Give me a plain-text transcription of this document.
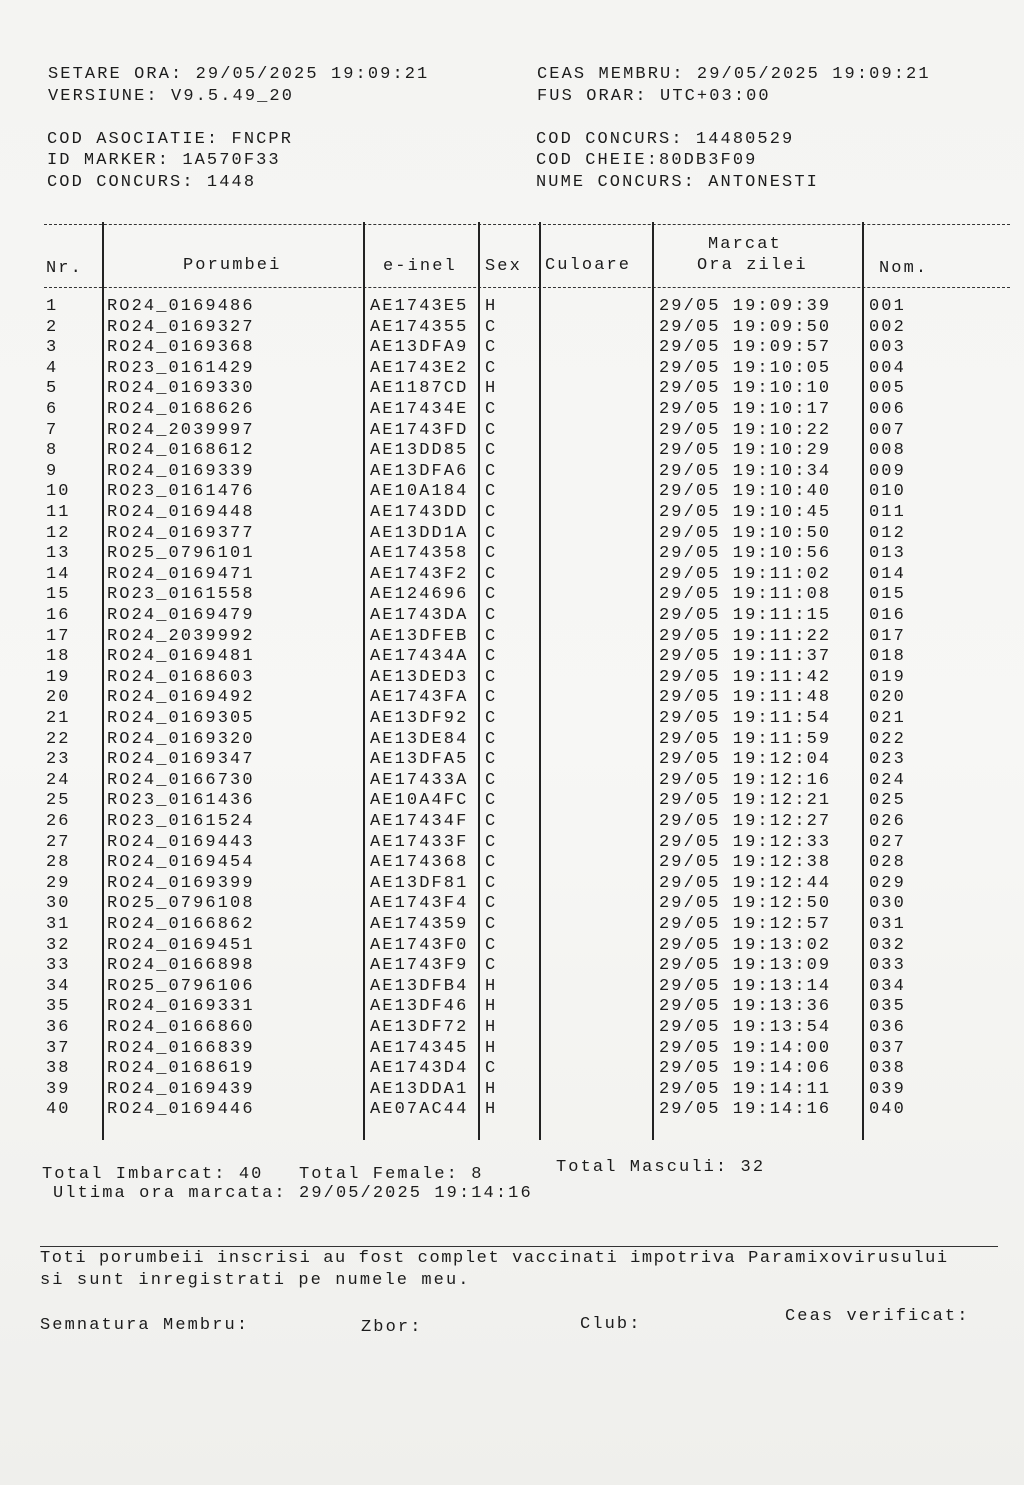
SETARE ORA: 29/05/2025 19:09:21
VERSIUNE: V9.5.49_20
CEAS MEMBRU: 29/05/2025 19:09:21
FUS ORAR: UTC+03:00
COD ASOCIATIE: FNCPR
ID MARKER: 1A570F33
COD CONCURS: 1448
COD CONCURS: 14480529
COD CHEIE:80DB3F09
NUME CONCURS: ANTONESTI
Nr.	Porumbei	e-inel Sex Culoare
Marcat
Ora zilei	Nom.
1	RO24_0169486	AE1743E5 H	29/05 19:09:39 001
2	RO24_0169327	AE174355 C	29/05 19:09:50 002
3	RO24_0169368	AE13DFA9 C	29/05 19:09:57 003
4	RO23_0161429	AE1743E2 C	29/05 19:10:05 004
5	RO24_0169330	AE1187CD H	29/05 19:10:10 005
6	RO24_0168626	AE17434E C	29/05 19:10:17 006
7	RO24_2039997	AE1743FD C	29/05 19:10:22 007
8	RO24_0168612	AE13DD85 C	29/05 19:10:29 008
9	RO24_0169339	AE13DFA6 C	29/05 19:10:34 009
10 RO23_0161476	AE10A184 C	29/05 19:10:40 010
11 RO24_0169448	AE1743DD C	29/05 19:10:45 011
12 RO24_0169377	AE13DD1A C	29/05 19:10:50 012
13 RO25_0796101	AE174358 C	29/05 19:10:56 013
14 RO24_0169471	AE1743F2 C	29/05 19:11:02 014
15 RO23_0161558	AE124696 C	29/05 19:11:08 015
16 RO24_0169479	AE1743DA C	29/05 19:11:15 016
17 RO24_2039992	AE13DFEB C	29/05 19:11:22 017
18 RO24_0169481	AE17434A C	29/05 19:11:37 018
19 RO24_0168603	AE13DED3 C	29/05 19:11:42 019
20 RO24_0169492	AE1743FA C	29/05 19:11:48 020
21 RO24_0169305	AE13DF92 C	29/05 19:11:54 021
22 RO24_0169320	AE13DE84 C	29/05 19:11:59 022
23 RO24_0169347	AE13DFA5 C	29/05 19:12:04 023
24 RO24_0166730	AE17433A C	29/05 19:12:16 024
25 RO23_0161436	AE10A4FC C	29/05 19:12:21 025
26 RO23_0161524	AE17434F C	29/05 19:12:27 026
27 RO24_0169443	AE17433F C	29/05 19:12:33 027
28 RO24_0169454	AE174368 C	29/05 19:12:38 028
29 RO24_0169399	AE13DF81 C	29/05 19:12:44 029
30 RO25_0796108	AE1743F4 C	29/05 19:12:50 030
31 RO24_0166862	AE174359 C	29/05 19:12:57 031
32 RO24_0169451	AE1743F0 C	29/05 19:13:02 032
33 RO24_0166898	AE1743F9 C	29/05 19:13:09 033
34 RO25_0796106	AE13DFB4 H	29/05 19:13:14 034
35 RO24_0169331	AE13DF46 H	29/05 19:13:36 035
36 RO24_0166860	AE13DF72 H	29/05 19:13:54 036
37 RO24_0166839	AE174345 H	29/05 19:14:00 037
38 RO24_0168619	AE1743D4 C	29/05 19:14:06 038
39 RO24_0169439	AE13DDA1 H	29/05 19:14:11 039
40 RO24_0169446	AE07AC44 H	29/05 19:14:16 040
Total Imbarcat: 40 Total Female: 8	Total Masculi: 32
Ultima ora marcata: 29/05/2025 19:14:16
Toti porumbeii inscrisi au fost complet vaccinati impotriva Paramixovirusului
si sunt inregistrati pe numele meu.
Semnatura Membru:	Zbor:	Club:	Ceas verificat:
